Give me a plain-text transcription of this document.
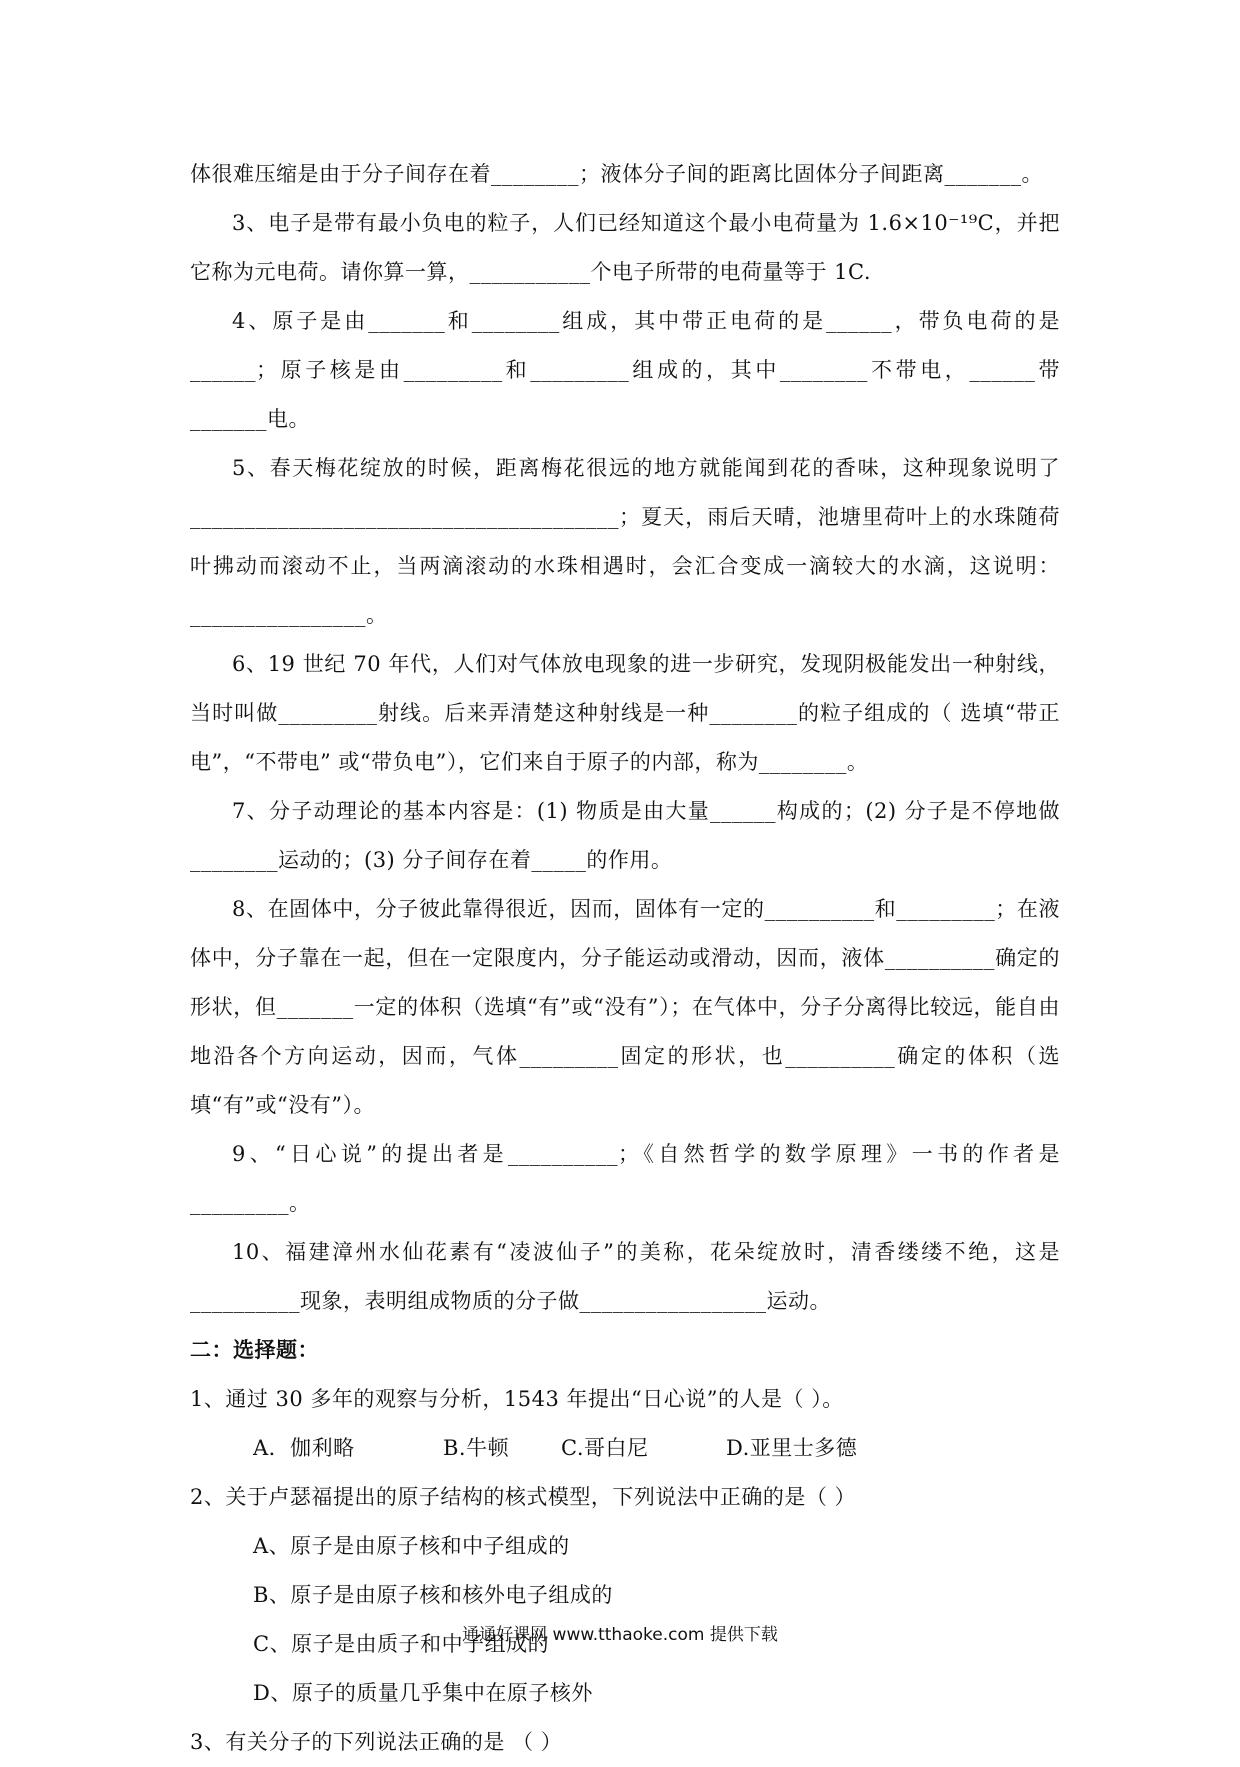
体很难压缩是由于分子间存在着________；液体分子间的距离比固体分子间距离_______。

3、电子是带有最小负电的粒子，人们已经知道这个最小电荷量为 1.6×10⁻¹⁹C，并把它称为元电荷。请你算一算，___________个电子所带的电荷量等于 1C.

4、原子是由_______和________组成，其中带正电荷的是______，带负电荷的是______；原子核是由_________和_________组成的，其中________不带电，______带_______电。

5、春天梅花绽放的时候，距离梅花很远的地方就能闻到花的香味，这种现象说明了_______________________________________；夏天，雨后天晴，池塘里荷叶上的水珠随荷叶拂动而滚动不止，当两滴滚动的水珠相遇时，会汇合变成一滴较大的水滴，这说明：________________。

6、19 世纪 70 年代，人们对气体放电现象的进一步研究，发现阴极能发出一种射线，当时叫做_________射线。后来弄清楚这种射线是一种________的粒子组成的（ 选填“带正电”，“不带电” 或“带负电”），它们来自于原子的内部，称为________。

7、分子动理论的基本内容是：(1) 物质是由大量______构成的；(2) 分子是不停地做________运动的；(3) 分子间存在着_____的作用。

8、在固体中，分子彼此靠得很近，因而，固体有一定的__________和_________；在液体中，分子靠在一起，但在一定限度内，分子能运动或滑动，因而，液体__________确定的形状，但_______一定的体积（选填“有”或“没有”）；在气体中，分子分离得比较远，能自由地沿各个方向运动，因而，气体_________固定的形状，也__________确定的体积（选填“有”或“没有”）。

9、“日心说”的提出者是__________；《自然哲学的数学原理》一书的作者是_________。

10、福建漳州水仙花素有“凌波仙子”的美称，花朵绽放时，清香缕缕不绝，这是__________现象，表明组成物质的分子做_________________运动。

二：选择题：

1、通过 30 多年的观察与分析，1543 年提出“日心说”的人是（ ）。

A．伽利略	B.牛顿 C.哥白尼	D.亚里士多德

2、关于卢瑟福提出的原子结构的核式模型，下列说法中正确的是（ ）

A、原子是由原子核和中子组成的

B、原子是由原子核和核外电子组成的

C、原子是由质子和中子组成的

D、原子的质量几乎集中在原子核外

3、有关分子的下列说法正确的是 （ ）

通通好课网 www.tthaoke.com 提供下载
